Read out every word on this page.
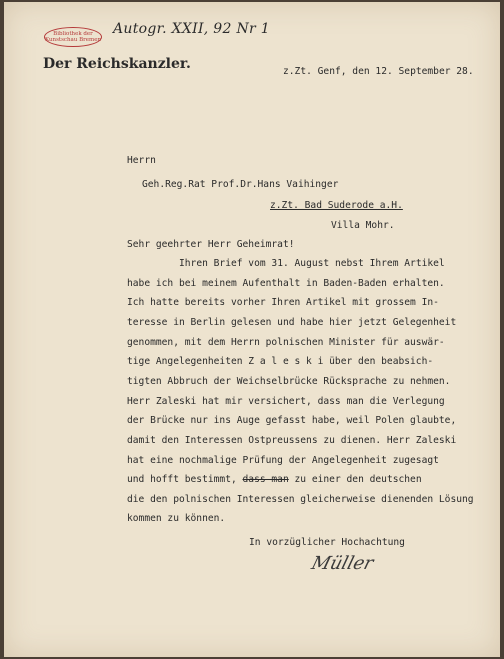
Bibliothek der
Kunstschau Bremen
Autogr. XXII, 92 Nr 1
Der Reichskanzler.	z.Zt. Genf, den 12. September 28.
Herrn
Geh.Reg.Rat Prof.Dr.Hans Vaihinger
z.Zt. Bad Suderode a.H.
Villa Mohr.
Sehr geehrter Herr Geheimrat!
Ihren Brief vom 31. August nebst Ihrem Artikel
habe ich bei meinem Aufenthalt in Baden-Baden erhalten.
Ich hatte bereits vorher Ihren Artikel mit grossem In-
teresse in Berlin gelesen und habe hier jetzt Gelegenheit
genommen, mit dem Herrn polnischen Minister für auswär-
tige Angelegenheiten Z a l e s k i über den beabsich-
tigten Abbruch der Weichselbrücke Rücksprache zu nehmen.
Herr Zaleski hat mir versichert, dass man die Verlegung
der Brücke nur ins Auge gefasst habe, weil Polen glaubte,
damit den Interessen Ostpreussens zu dienen. Herr Zaleski
hat eine nochmalige Prüfung der Angelegenheit zugesagt
und hofft bestimmt, dass man zu einer den deutschen
die den polnischen Interessen gleicherweise dienenden Lösung
kommen zu können.
In vorzüglicher Hochachtung
Müller
